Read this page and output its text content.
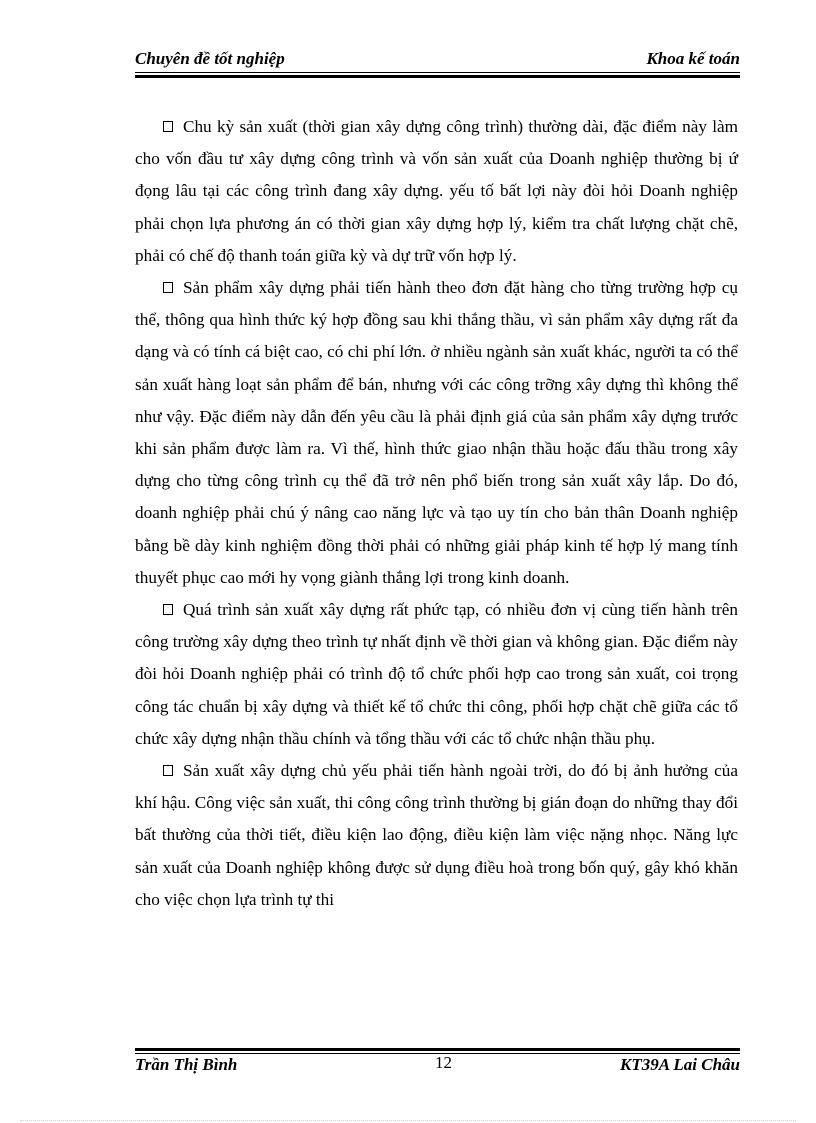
Chuyên đề tốt nghiệp	Khoa kế toán

Chu kỳ sản xuất (thời gian xây dựng công trình) thường dài, đặc điểm này làm cho vốn đầu tư xây dựng công trình và vốn sản xuất của Doanh nghiệp thường bị ứ đọng lâu tại các công trình đang xây dựng. yếu tố bất lợi này đòi hỏi Doanh nghiệp phải chọn lựa phương án có thời gian xây dựng hợp lý, kiểm tra chất lượng chặt chẽ, phải có chế độ thanh toán giữa kỳ và dự trữ vốn hợp lý.

Sản phẩm xây dựng phải tiến hành theo đơn đặt hàng cho từng trường hợp cụ thể, thông qua hình thức ký hợp đồng sau khi thắng thầu, vì sản phẩm xây dựng rất đa dạng và có tính cá biệt cao, có chi phí lớn. ở nhiều ngành sản xuất khác, người ta có thể sản xuất hàng loạt sản phẩm để bán, nhưng với các công trỡng xây dựng thì không thể như vậy. Đặc điểm này dẫn đến yêu cầu là phải định giá của sản phẩm xây dựng trước khi sản phẩm được làm ra. Vì thế, hình thức giao nhận thầu hoặc đấu thầu trong xây dựng cho từng công trình cụ thể đã trở nên phổ biến trong sản xuất xây lắp. Do đó, doanh nghiệp phải chú ý nâng cao năng lực và tạo uy tín cho bản thân Doanh nghiệp bằng bề dày kinh nghiệm đồng thời phải có những giải pháp kinh tế hợp lý mang tính thuyết phục cao mới hy vọng giành thắng lợi trong kinh doanh.

Quá trình sản xuất xây dựng rất phức tạp, có nhiều đơn vị cùng tiến hành trên công trường xây dựng theo trình tự nhất định về thời gian và không gian. Đặc điểm này đòi hỏi Doanh nghiệp phải có trình độ tổ chức phối hợp cao trong sản xuất, coi trọng công tác chuẩn bị xây dựng và thiết kế tổ chức thi công, phối hợp chặt chẽ giữa các tổ chức xây dựng nhận thầu chính và tổng thầu với các tổ chức nhận thầu phụ.

Sản xuất xây dựng chủ yếu phải tiến hành ngoài trời, do đó bị ảnh hưởng của khí hậu. Công việc sản xuất, thi công công trình thường bị gián đoạn do những thay đổi bất thường của thời tiết, điều kiện lao động, điều kiện làm việc nặng nhọc. Năng lực sản xuất của Doanh nghiệp không được sử dụng điều hoà trong bốn quý, gây khó khăn cho việc chọn lựa trình tự thi

Trần Thị Bình	12	KT39A Lai Châu
